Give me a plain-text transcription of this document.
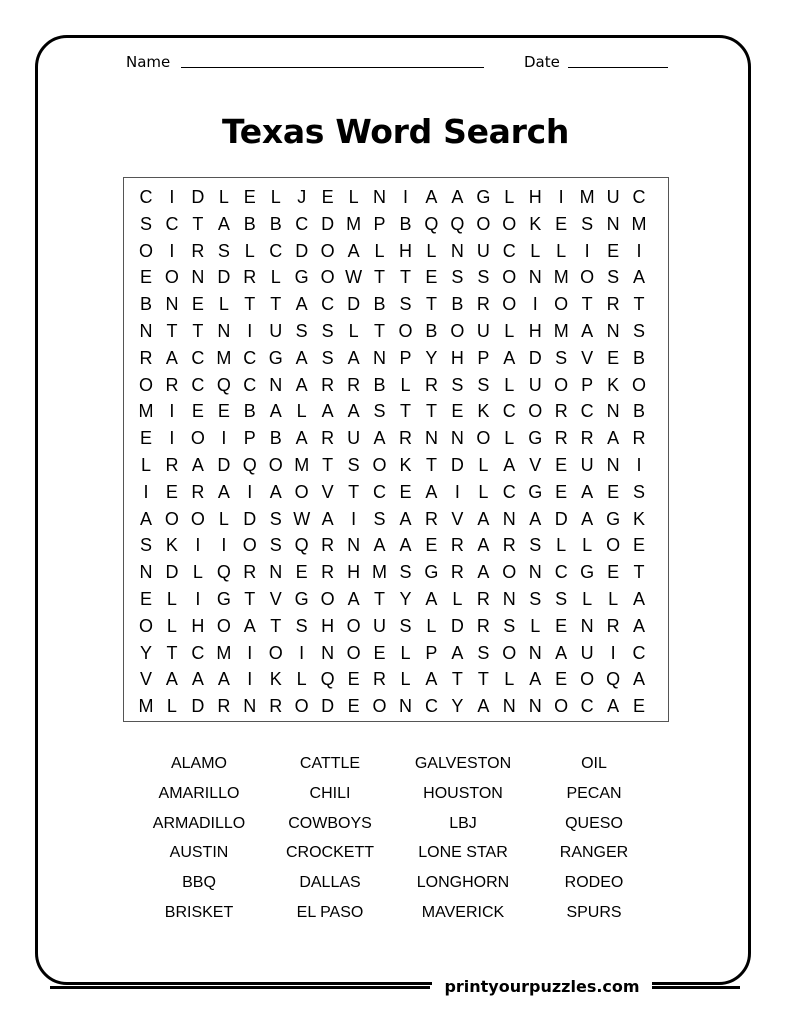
Name	Date
Texas Word Search
C I D L E L J E L N I A A G L H I M U C
S C T A B B C D M P B Q Q O O K E S N M
O I R S L C D O A L H L N U C L L	I E I
E O N D R L G O W T T E S S O N M O S A
B N E L T T A C D B S T B R O I O T R T
N T T N I U S S L T O B O U L H M A N S
R A C M C G A S A N P Y H P A D S V E B
O R C Q C N A R R B L R S S L U O P K O
M I E E B A L A A S T T E K C O R C N B
E I O I P B A R U A R N N O L G R R A R
L R A D Q O M T S O K T D L A V E U N I
I E R A I A O V T C E A I	L C G E A E S
A O O L D S W A I S A R V A N A D A G K
S K I	I O S Q R N A A E R A R S L L O E
N D L Q R N E R H M S G R A O N C G E T
E L	I G T V G O A T Y A L R N S S L L A
O L H O A T S H O U S L D R S L E N R A
Y T C M I O I N O E L P A S O N A U I C
V A A A I K L Q E R L A T T L A E O Q A
M L D R N R O D E O N C Y A N N O C A E
ALAMO
AMARILLO
ARMADILLO
AUSTIN
BBQ
BRISKET
CATTLE
CHILI
COWBOYS
CROCKETT
DALLAS
EL PASO
GALVESTON
HOUSTON
LBJ
LONE STAR
LONGHORN
MAVERICK
OIL
PECAN
QUESO
RANGER
RODEO
SPURS
printyourpuzzles.com
